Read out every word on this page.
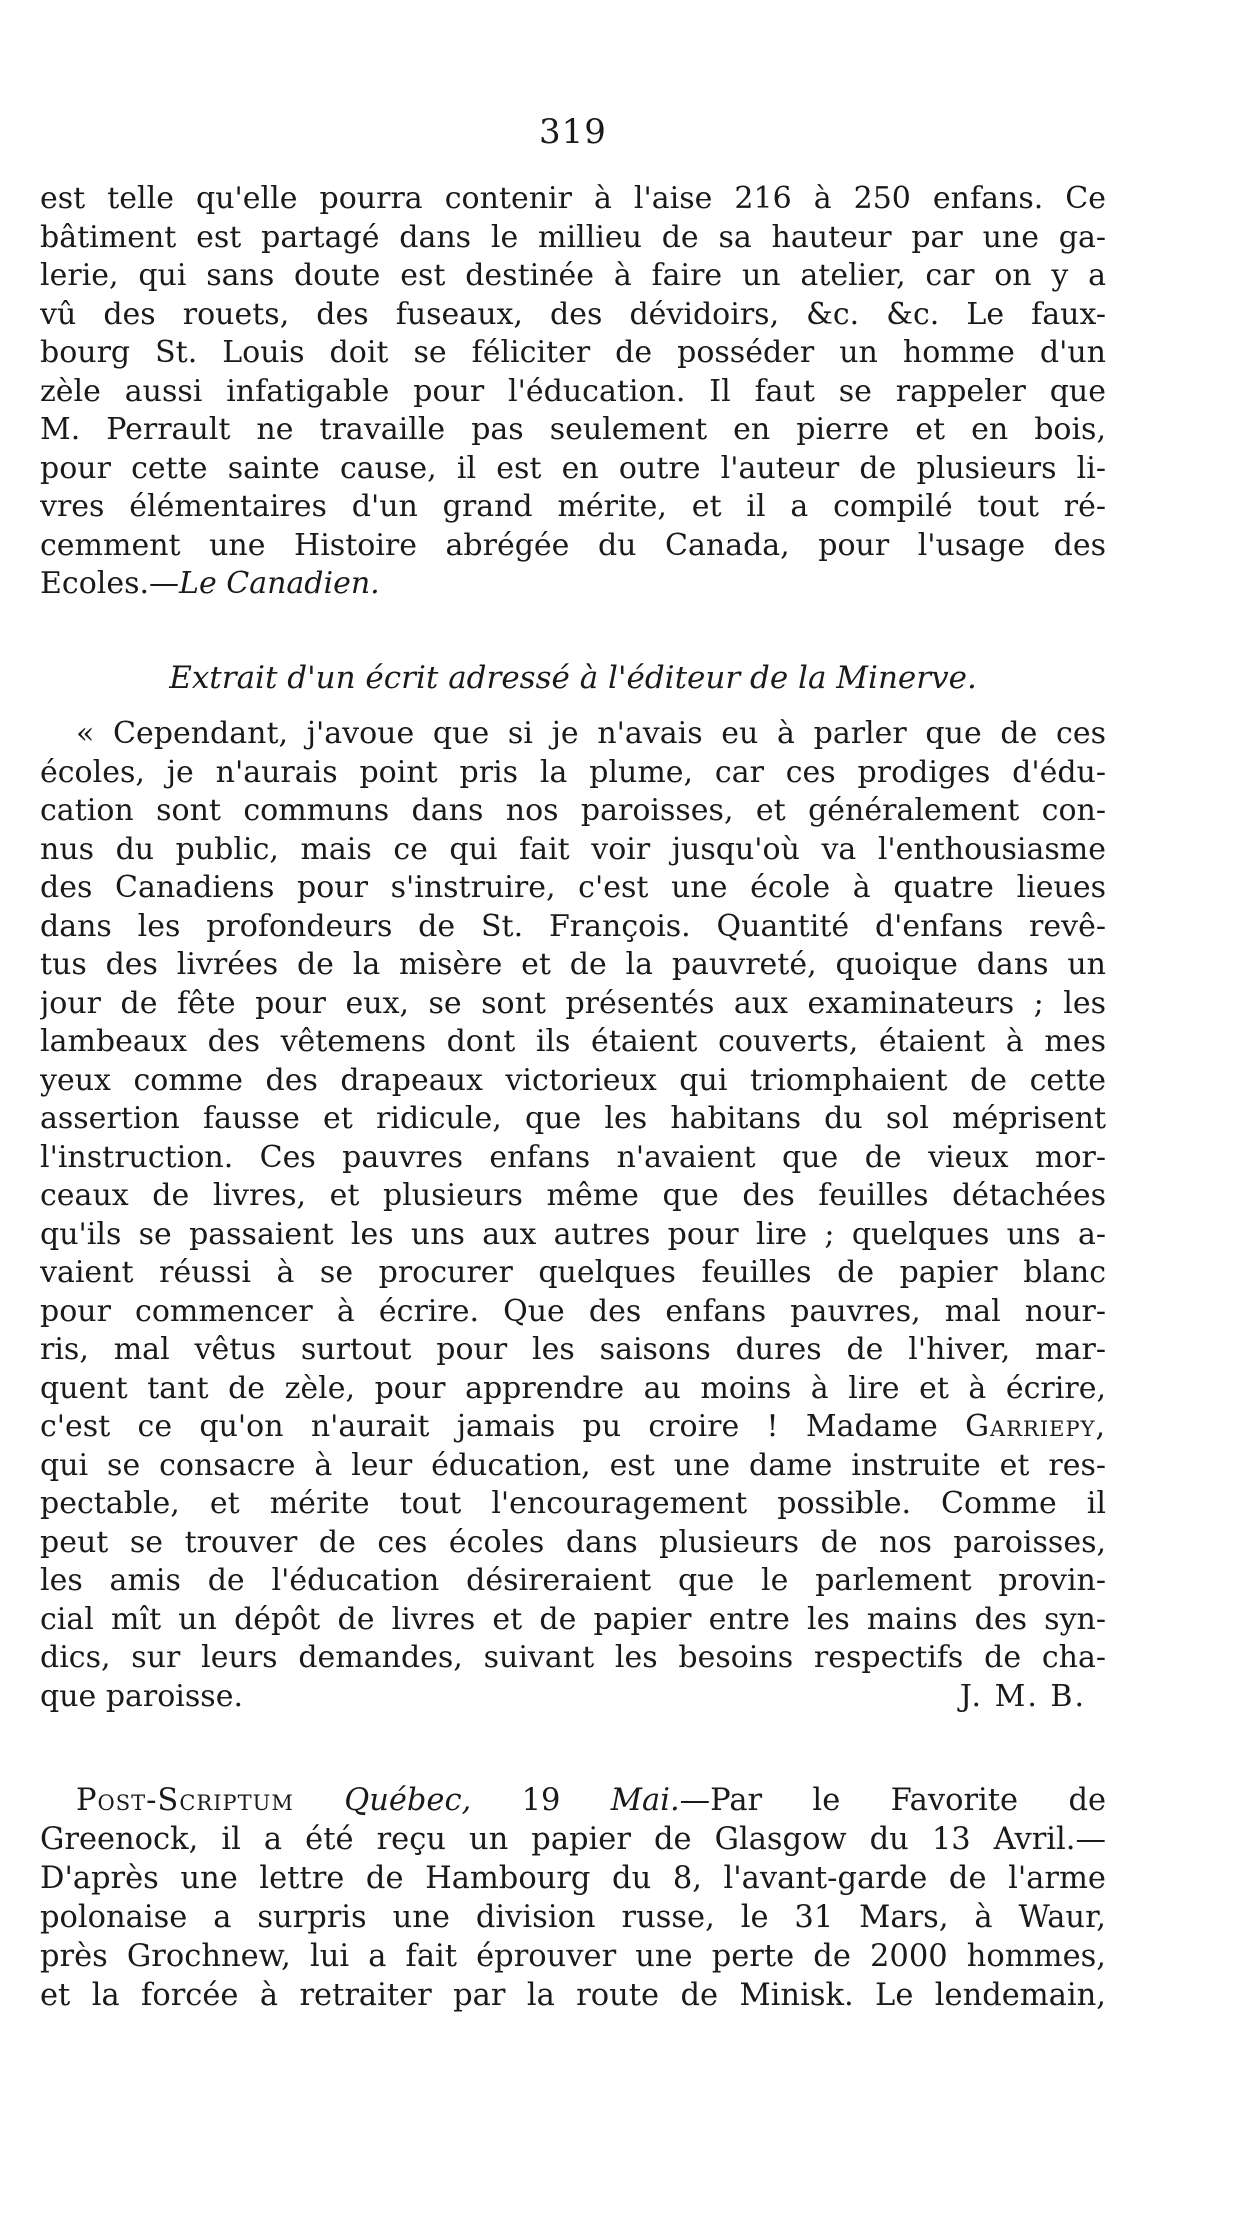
319
est telle qu'elle pourra contenir à l'aise 216 à 250 enfans. Ce
bâtiment est partagé dans le millieu de sa hauteur par une ga-
lerie, qui sans doute est destinée à faire un atelier, car on y a
vû des rouets, des fuseaux, des dévidoirs, &c. &c. Le faux-
bourg St. Louis doit se féliciter de posséder un homme d'un
zèle aussi infatigable pour l'éducation. Il faut se rappeler que
M. Perrault ne travaille pas seulement en pierre et en bois,
pour cette sainte cause, il est en outre l'auteur de plusieurs li-
vres élémentaires d'un grand mérite, et il a compilé tout ré-
cemment une Histoire abrégée du Canada, pour l'usage des
Ecoles.—Le Canadien.
Extrait d'un écrit adressé à l'éditeur de la Minerve.
« Cependant, j'avoue que si je n'avais eu à parler que de ces
écoles, je n'aurais point pris la plume, car ces prodiges d'édu-
cation sont communs dans nos paroisses, et généralement con-
nus du public, mais ce qui fait voir jusqu'où va l'enthousiasme
des Canadiens pour s'instruire, c'est une école à quatre lieues
dans les profondeurs de St. François. Quantité d'enfans revê-
tus des livrées de la misère et de la pauvreté, quoique dans un
jour de fête pour eux, se sont présentés aux examinateurs ; les
lambeaux des vêtemens dont ils étaient couverts, étaient à mes
yeux comme des drapeaux victorieux qui triomphaient de cette
assertion fausse et ridicule, que les habitans du sol méprisent
l'instruction. Ces pauvres enfans n'avaient que de vieux mor-
ceaux de livres, et plusieurs même que des feuilles détachées
qu'ils se passaient les uns aux autres pour lire ; quelques uns a-
vaient réussi à se procurer quelques feuilles de papier blanc
pour commencer à écrire. Que des enfans pauvres, mal nour-
ris, mal vêtus surtout pour les saisons dures de l'hiver, mar-
quent tant de zèle, pour apprendre au moins à lire et à écrire,
c'est ce qu'on n'aurait jamais pu croire ! Madame Garriepy,
qui se consacre à leur éducation, est une dame instruite et res-
pectable, et mérite tout l'encouragement possible. Comme il
peut se trouver de ces écoles dans plusieurs de nos paroisses,
les amis de l'éducation désireraient que le parlement provin-
cial mît un dépôt de livres et de papier entre les mains des syn-
dics, sur leurs demandes, suivant les besoins respectifs de cha-
que paroisse.	J. M. B.
Post-Scriptum Québec, 19 Mai.—Par le Favorite de
Greenock, il a été reçu un papier de Glasgow du 13 Avril.—
D'après une lettre de Hambourg du 8, l'avant-garde de l'arme
polonaise a surpris une division russe, le 31 Mars, à Waur,
près Grochnew, lui a fait éprouver une perte de 2000 hommes,
et la forcée à retraiter par la route de Minisk. Le lendemain,
